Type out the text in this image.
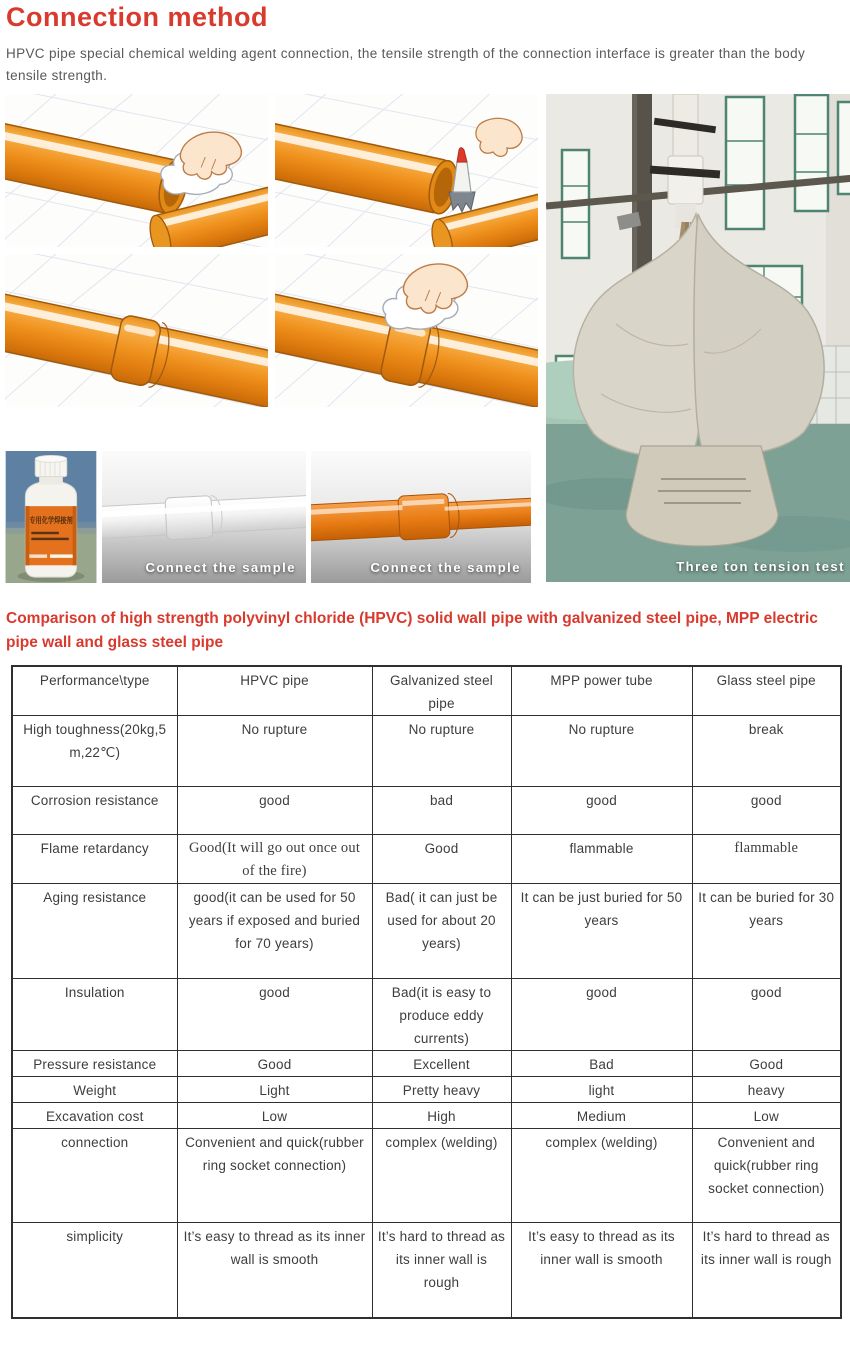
Connection method

HPVC pipe special chemical welding agent connection, the tensile strength of the connection interface is greater than the body tensile strength.

专用化学焊接剂
Connect the sample	Connect the sample	Three ton tension test
Comparison of high strength polyvinyl chloride (HPVC) solid wall pipe with galvanized steel pipe, MPP electric pipe wall and glass steel pipe
Performance\type	HPVC pipe	Galvanized steel pipe	MPP power tube	Glass steel pipe
High toughness(20kg,5 m,22℃)	No rupture	No rupture	No rupture	break
Corrosion resistance	good	bad	good	good
Flame retardancy	Good(It will go out once out of the fire)	Good	flammable	flammable
Aging resistance	good(it can be used for 50 years if exposed and buried for 70 years)	Bad( it can just be used for about 20 years)	It can be just buried for 50 years	It can be buried for 30 years
Insulation	good	Bad(it is easy to produce eddy currents)	good	good
Pressure resistance	Good	Excellent	Bad	Good
Weight	Light	Pretty heavy	light	heavy
Excavation cost	Low	High	Medium	Low
connection	Convenient and quick(rubber ring socket connection)	complex (welding)	complex (welding)	Convenient and quick(rubber ring socket connection)
simplicity	It’s easy to thread as its inner wall is smooth	It’s hard to thread as its inner wall is rough	It’s easy to thread as its inner wall is smooth	It’s hard to thread as its inner wall is rough
